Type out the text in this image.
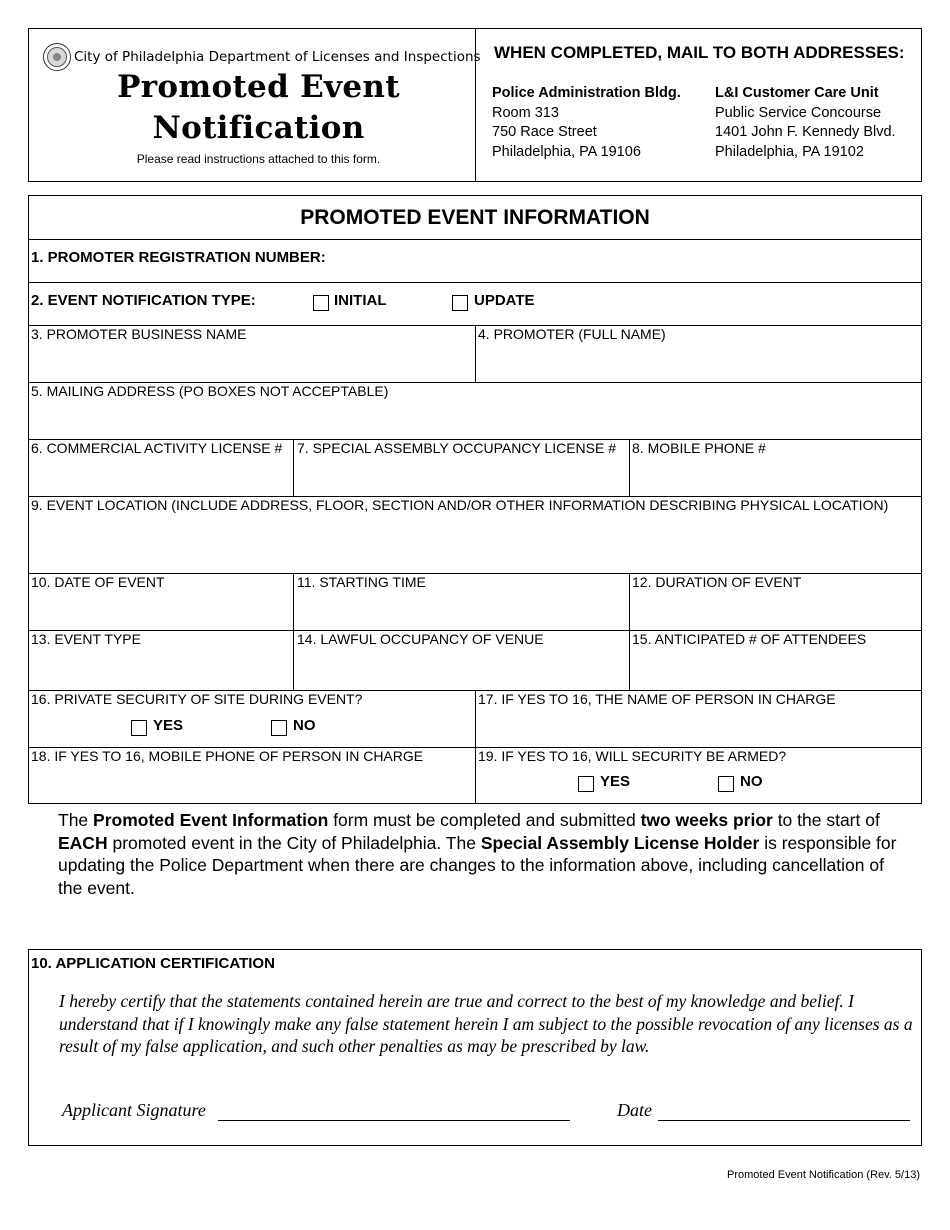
City of Philadelphia Department of Licenses and Inspections
Promoted Event
Notification
Please read instructions attached to this form.
WHEN COMPLETED, MAIL TO BOTH ADDRESSES:
Police Administration Bldg.
Room 313
750 Race Street
Philadelphia, PA 19106
L&I Customer Care Unit
Public Service Concourse
1401 John F. Kennedy Blvd.
Philadelphia, PA 19102
PROMOTED EVENT INFORMATION
1. PROMOTER REGISTRATION NUMBER:
2. EVENT NOTIFICATION TYPE:	INITIAL	UPDATE
3. PROMOTER BUSINESS NAME	4. PROMOTER (FULL NAME)
5. MAILING ADDRESS (PO BOXES NOT ACCEPTABLE)
6. COMMERCIAL ACTIVITY LICENSE # 7. SPECIAL ASSEMBLY OCCUPANCY LICENSE # 8. MOBILE PHONE #
9. EVENT LOCATION (INCLUDE ADDRESS, FLOOR, SECTION AND/OR OTHER INFORMATION DESCRIBING PHYSICAL LOCATION)
10. DATE OF EVENT	11. STARTING TIME	12. DURATION OF EVENT
13. EVENT TYPE	14. LAWFUL OCCUPANCY OF VENUE	15. ANTICIPATED # OF ATTENDEES
16. PRIVATE SECURITY OF SITE DURING EVENT?
YES	NO
17. IF YES TO 16, THE NAME OF PERSON IN CHARGE
18. IF YES TO 16, MOBILE PHONE OF PERSON IN CHARGE	19. IF YES TO 16, WILL SECURITY BE ARMED?
YES	NO
The Promoted Event Information form must be completed and submitted two weeks prior to the start of EACH promoted event in the City of Philadelphia. The Special Assembly License Holder is responsible for updating the Police Department when there are changes to the information above, including cancellation of the event.
10. APPLICATION CERTIFICATION
I hereby certify that the statements contained herein are true and correct to the best of my knowledge and belief. I understand that if I knowingly make any false statement herein I am subject to the possible revocation of any licenses as a result of my false application, and such other penalties as may be prescribed by law.
Applicant Signature	Date
Promoted Event Notification (Rev. 5/13)
